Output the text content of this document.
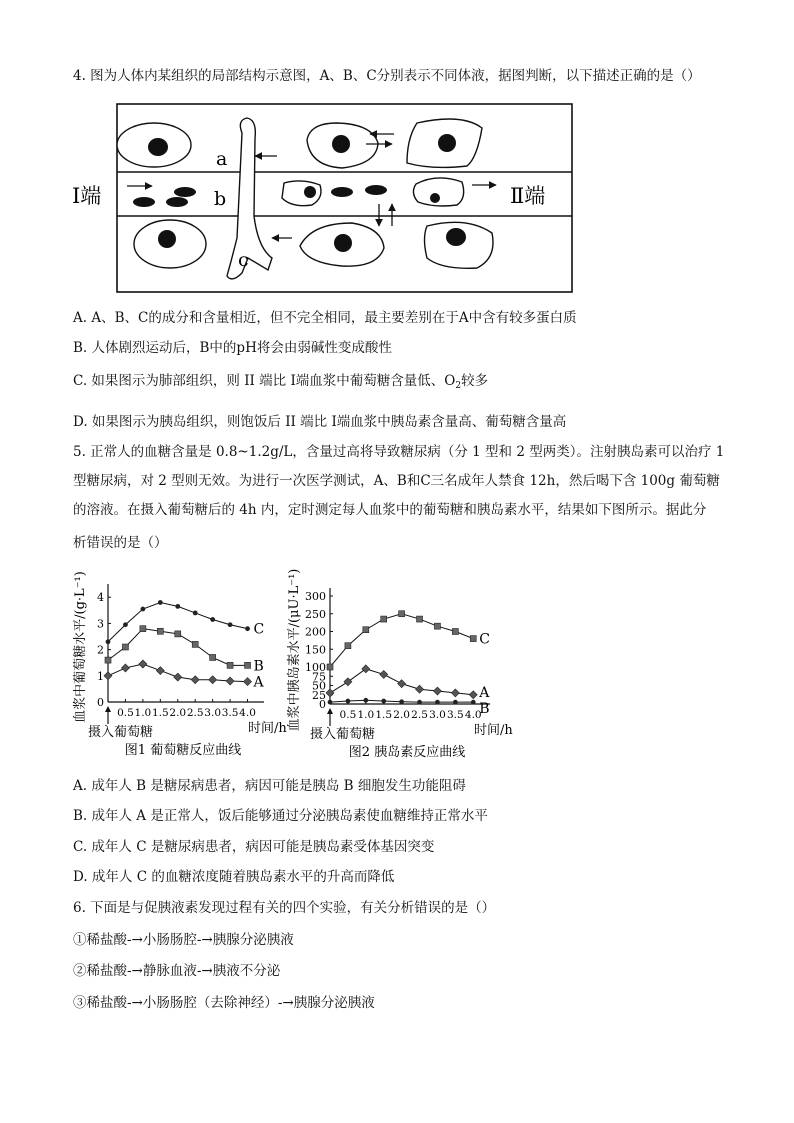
4. 图为人体内某组织的局部结构示意图，A、B、C分别表示不同体液，据图判断，以下描述正确的是（）
a
b
c
Ⅰ端	Ⅱ端
A. A、B、C的成分和含量相近，但不完全相同，最主要差别在于A中含有较多蛋白质
B. 人体剧烈运动后，B中的pH将会由弱碱性变成酸性
C. 如果图示为肺部组织，则 II 端比 I端血浆中葡萄糖含量低、$O_2$较多
D. 如果图示为胰岛组织，则饱饭后 II 端比 I端血浆中胰岛素含量高、葡萄糖含量高
5. 正常人的血糖含量是 0.8~1.2g/L，含量过高将导致糖尿病（分 1 型和 2 型两类）。注射胰岛素可以治疗 1
型糖尿病，对 2 型则无效。为进行一次医学测试，A、B和C三名成年人禁食 12h，然后喝下含 100g 葡萄糖
的溶液。在摄入葡萄糖后的 4h 内，定时测定每人血浆中的葡萄糖和胰岛素水平，结果如下图所示。据此分
析错误的是（）
0
1
2
3
4
0.5 1.0 1.5 2.0 2.5 3.0 3.5 4.0
摄入葡萄糖	时间/h
图1 葡萄糖反应曲线
血浆中葡萄糖水平/(g·L⁻¹)	C
B
A
0
25
50
75
100
150
200
250
300
0.5 1.0 1.5 2.0 2.5 3.0 3.5 4.0
摄入葡萄糖	时间/h
图2 胰岛素反应曲线
血浆中胰岛素水平/(μU·L⁻¹)	C
A
B
A. 成年人 B 是糖尿病患者，病因可能是胰岛 B 细胞发生功能阻碍
B. 成年人 A 是正常人，饭后能够通过分泌胰岛素使血糖维持正常水平
C. 成年人 C 是糖尿病患者，病因可能是胰岛素受体基因突变
D. 成年人 C 的血糖浓度随着胰岛素水平的升高而降低
6. 下面是与促胰液素发现过程有关的四个实验，有关分析错误的是（）
①稀盐酸-→小肠肠腔-→胰腺分泌胰液
②稀盐酸-→静脉血液-→胰液不分泌
③稀盐酸-→小肠肠腔（去除神经）-→胰腺分泌胰液
